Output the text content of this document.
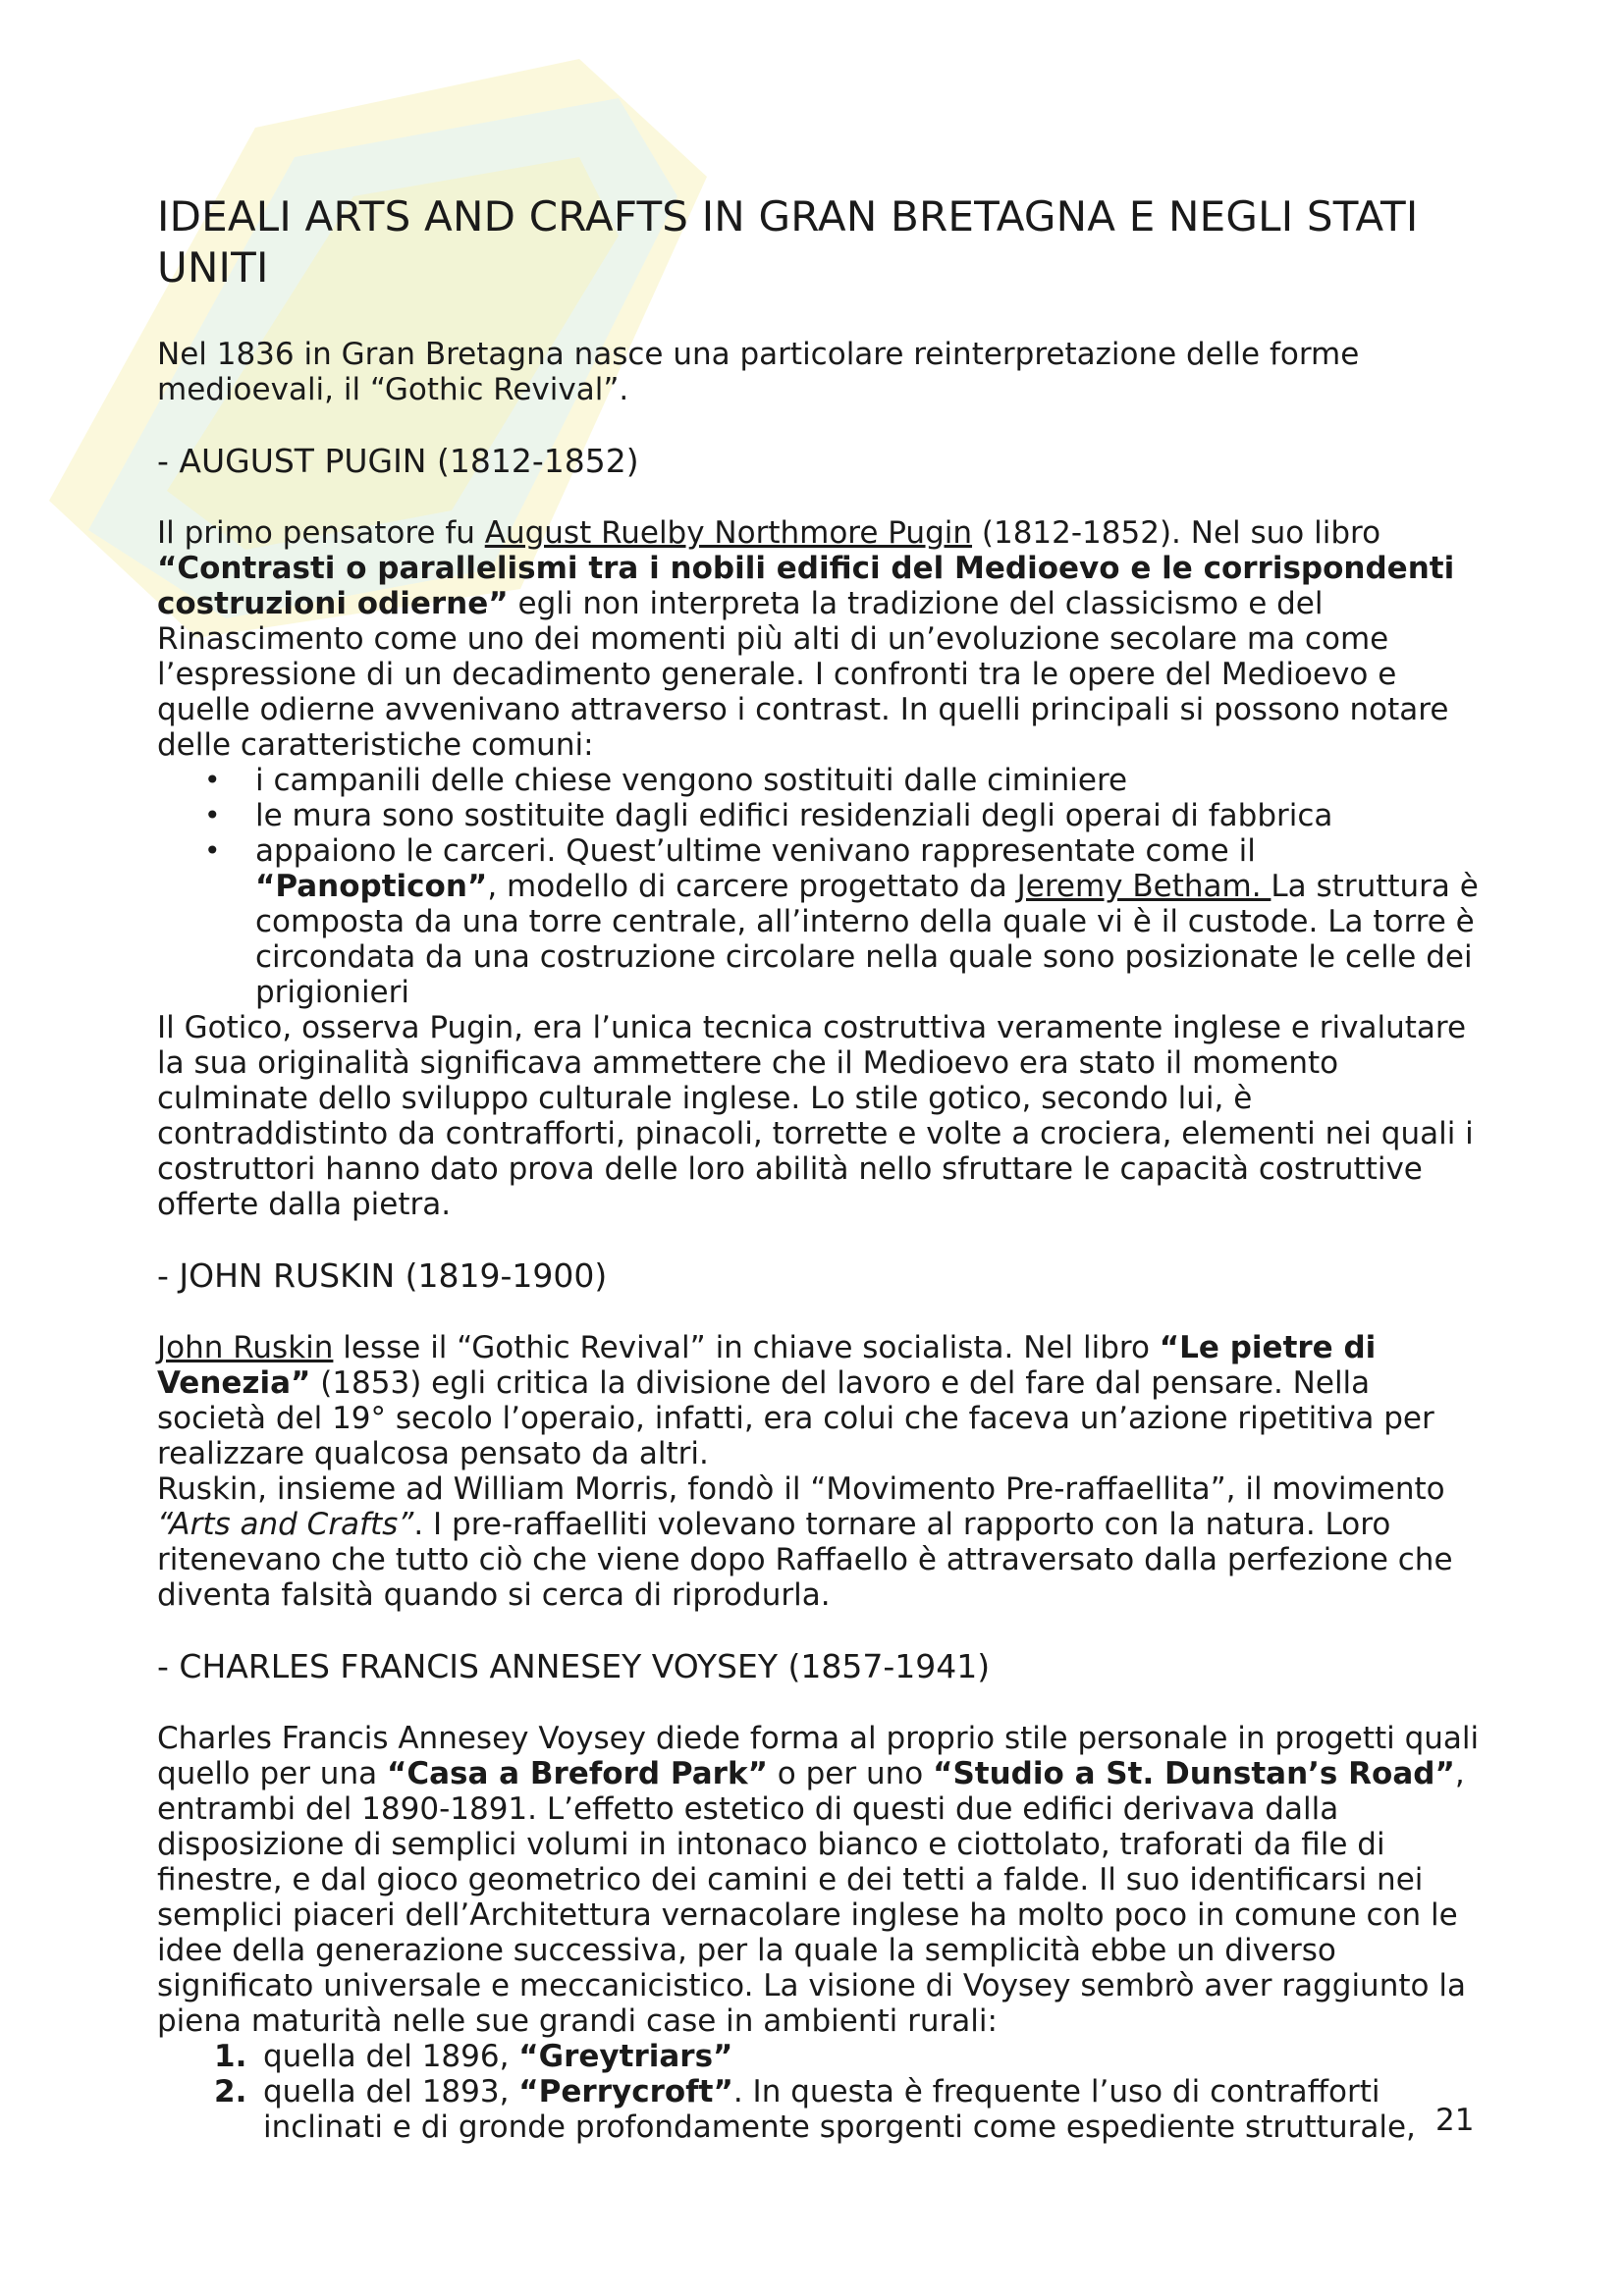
IDEALI ARTS AND CRAFTS IN GRAN BRETAGNA E NEGLI STATI UNITI

Nel 1836 in Gran Bretagna nasce una particolare reinterpretazione delle forme medioevali, il “Gothic Revival”.

- AUGUST PUGIN (1812-1852)

Il primo pensatore fu August Ruelby Northmore Pugin (1812-1852). Nel suo libro “Contrasti o parallelismi tra i nobili edifici del Medioevo e le corrispondenti costruzioni odierne” egli non interpreta la tradizione del classicismo e del Rinascimento come uno dei momenti più alti di un’evoluzione secolare ma come l’espressione di un decadimento generale. I confronti tra le opere del Medioevo e quelle odierne avvenivano attraverso i contrast. In quelli principali si possono notare delle caratteristiche comuni:

• i campanili delle chiese vengono sostituiti dalle ciminiere
• le mura sono sostituite dagli edifici residenziali degli operai di fabbrica
• appaiono le carceri. Quest’ultime venivano rappresentate come il “Panopticon”, modello di carcere progettato da Jeremy Betham. La struttura è composta da una torre centrale, all’interno della quale vi è il custode. La torre è circondata da una costruzione circolare nella quale sono posizionate le celle dei prigionieri

Il Gotico, osserva Pugin, era l’unica tecnica costruttiva veramente inglese e rivalutare la sua originalità significava ammettere che il Medioevo era stato il momento culminate dello sviluppo culturale inglese. Lo stile gotico, secondo lui, è contraddistinto da contrafforti, pinacoli, torrette e volte a crociera, elementi nei quali i costruttori hanno dato prova delle loro abilità nello sfruttare le capacità costruttive offerte dalla pietra.

- JOHN RUSKIN (1819-1900)

John Ruskin lesse il “Gothic Revival” in chiave socialista. Nel libro “Le pietre di Venezia” (1853) egli critica la divisione del lavoro e del fare dal pensare. Nella società del 19° secolo l’operaio, infatti, era colui che faceva un’azione ripetitiva per realizzare qualcosa pensato da altri.

Ruskin, insieme ad William Morris, fondò il “Movimento Pre-raffaellita”, il movimento “Arts and Crafts”. I pre-raffaelliti volevano tornare al rapporto con la natura. Loro ritenevano che tutto ciò che viene dopo Raffaello è attraversato dalla perfezione che diventa falsità quando si cerca di riprodurla.

- CHARLES FRANCIS ANNESEY VOYSEY (1857-1941)

Charles Francis Annesey Voysey diede forma al proprio stile personale in progetti quali quello per una “Casa a Breford Park” o per uno “Studio a St. Dunstan’s Road”, entrambi del 1890-1891. L’effetto estetico di questi due edifici derivava dalla disposizione di semplici volumi in intonaco bianco e ciottolato, traforati da file di finestre, e dal gioco geometrico dei camini e dei tetti a falde. Il suo identificarsi nei semplici piaceri dell’Architettura vernacolare inglese ha molto poco in comune con le idee della generazione successiva, per la quale la semplicità ebbe un diverso significato universale e meccanicistico. La visione di Voysey sembrò aver raggiunto la piena maturità nelle sue grandi case in ambienti rurali:

1. quella del 1896, “Greytriars”
2. quella del 1893, “Perrycroft”. In questa è frequente l’uso di contrafforti inclinati e di gronde profondamente sporgenti come espediente strutturale, 21
